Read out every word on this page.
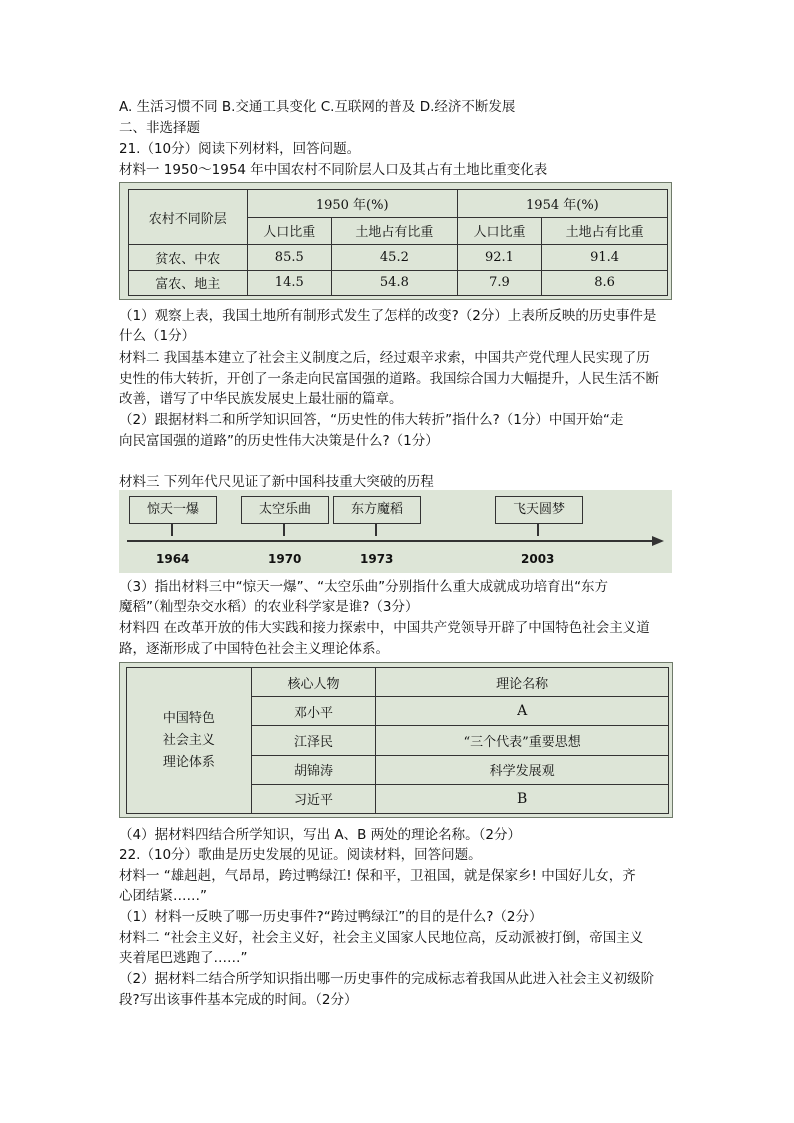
A. 生活习惯不同 B.交通工具变化 C.互联网的普及 D.经济不断发展
二、非选择题
21.（10分）阅读下列材料，回答问题。
材料一 1950～1954 年中国农村不同阶层人口及其占有土地比重变化表
农村不同阶层	1950 年(%)		1954 年(%)	
	人口比重	土地占有比重	人口比重	土地占有比重
贫农、中农	85.5	45.2	92.1	91.4
富农、地主	14.5	54.8	7.9	8.6
（1）观察上表，我国土地所有制形式发生了怎样的改变?（2分）上表所反映的历史事件是
什么（1分）
材料二 我国基本建立了社会主义制度之后，经过艰辛求索，中国共产党代理人民实现了历
史性的伟大转折，开创了一条走向民富国强的道路。我国综合国力大幅提升，人民生活不断
改善，谱写了中华民族发展史上最壮丽的篇章。
（2）跟据材料二和所学知识回答，“历史性的伟大转折”指什么?（1分）中国开始“走
向民富国强的道路”的历史性伟大决策是什么?（1分）
材料三 下列年代尺见证了新中国科技重大突破的历程
惊天一爆	太空乐曲	东方魔稻	飞天圆梦
1964	1970	1973	2003
（3）指出材料三中“惊天一爆”、“太空乐曲”分别指什么重大成就成功培育出“东方
魔稻”（籼型杂交水稻）的农业科学家是谁?（3分）
材料四 在改革开放的伟大实践和接力探索中，中国共产党领导开辟了中国特色社会主义道
路，逐渐形成了中国特色社会主义理论体系。
中国特色
社会主义
理论体系	核心人物	理论名称
	邓小平	A
	江泽民	“三个代表”重要思想
	胡锦涛	科学发展观
	习近平	B
（4）据材料四结合所学知识，写出 A、B 两处的理论名称。（2分）
22.（10分）歌曲是历史发展的见证。阅读材料，回答问题。
材料一 “雄赳赳，气昂昂，跨过鸭绿江! 保和平，卫祖国，就是保家乡! 中国好儿女，齐
心团结紧……”
（1）材料一反映了哪一历史事件?“跨过鸭绿江”的目的是什么?（2分）
材料二 “社会主义好，社会主义好，社会主义国家人民地位高，反动派被打倒，帝国主义
夹着尾巴逃跑了……”
（2）据材料二结合所学知识指出哪一历史事件的完成标志着我国从此进入社会主义初级阶
段?写出该事件基本完成的时间。（2分）
